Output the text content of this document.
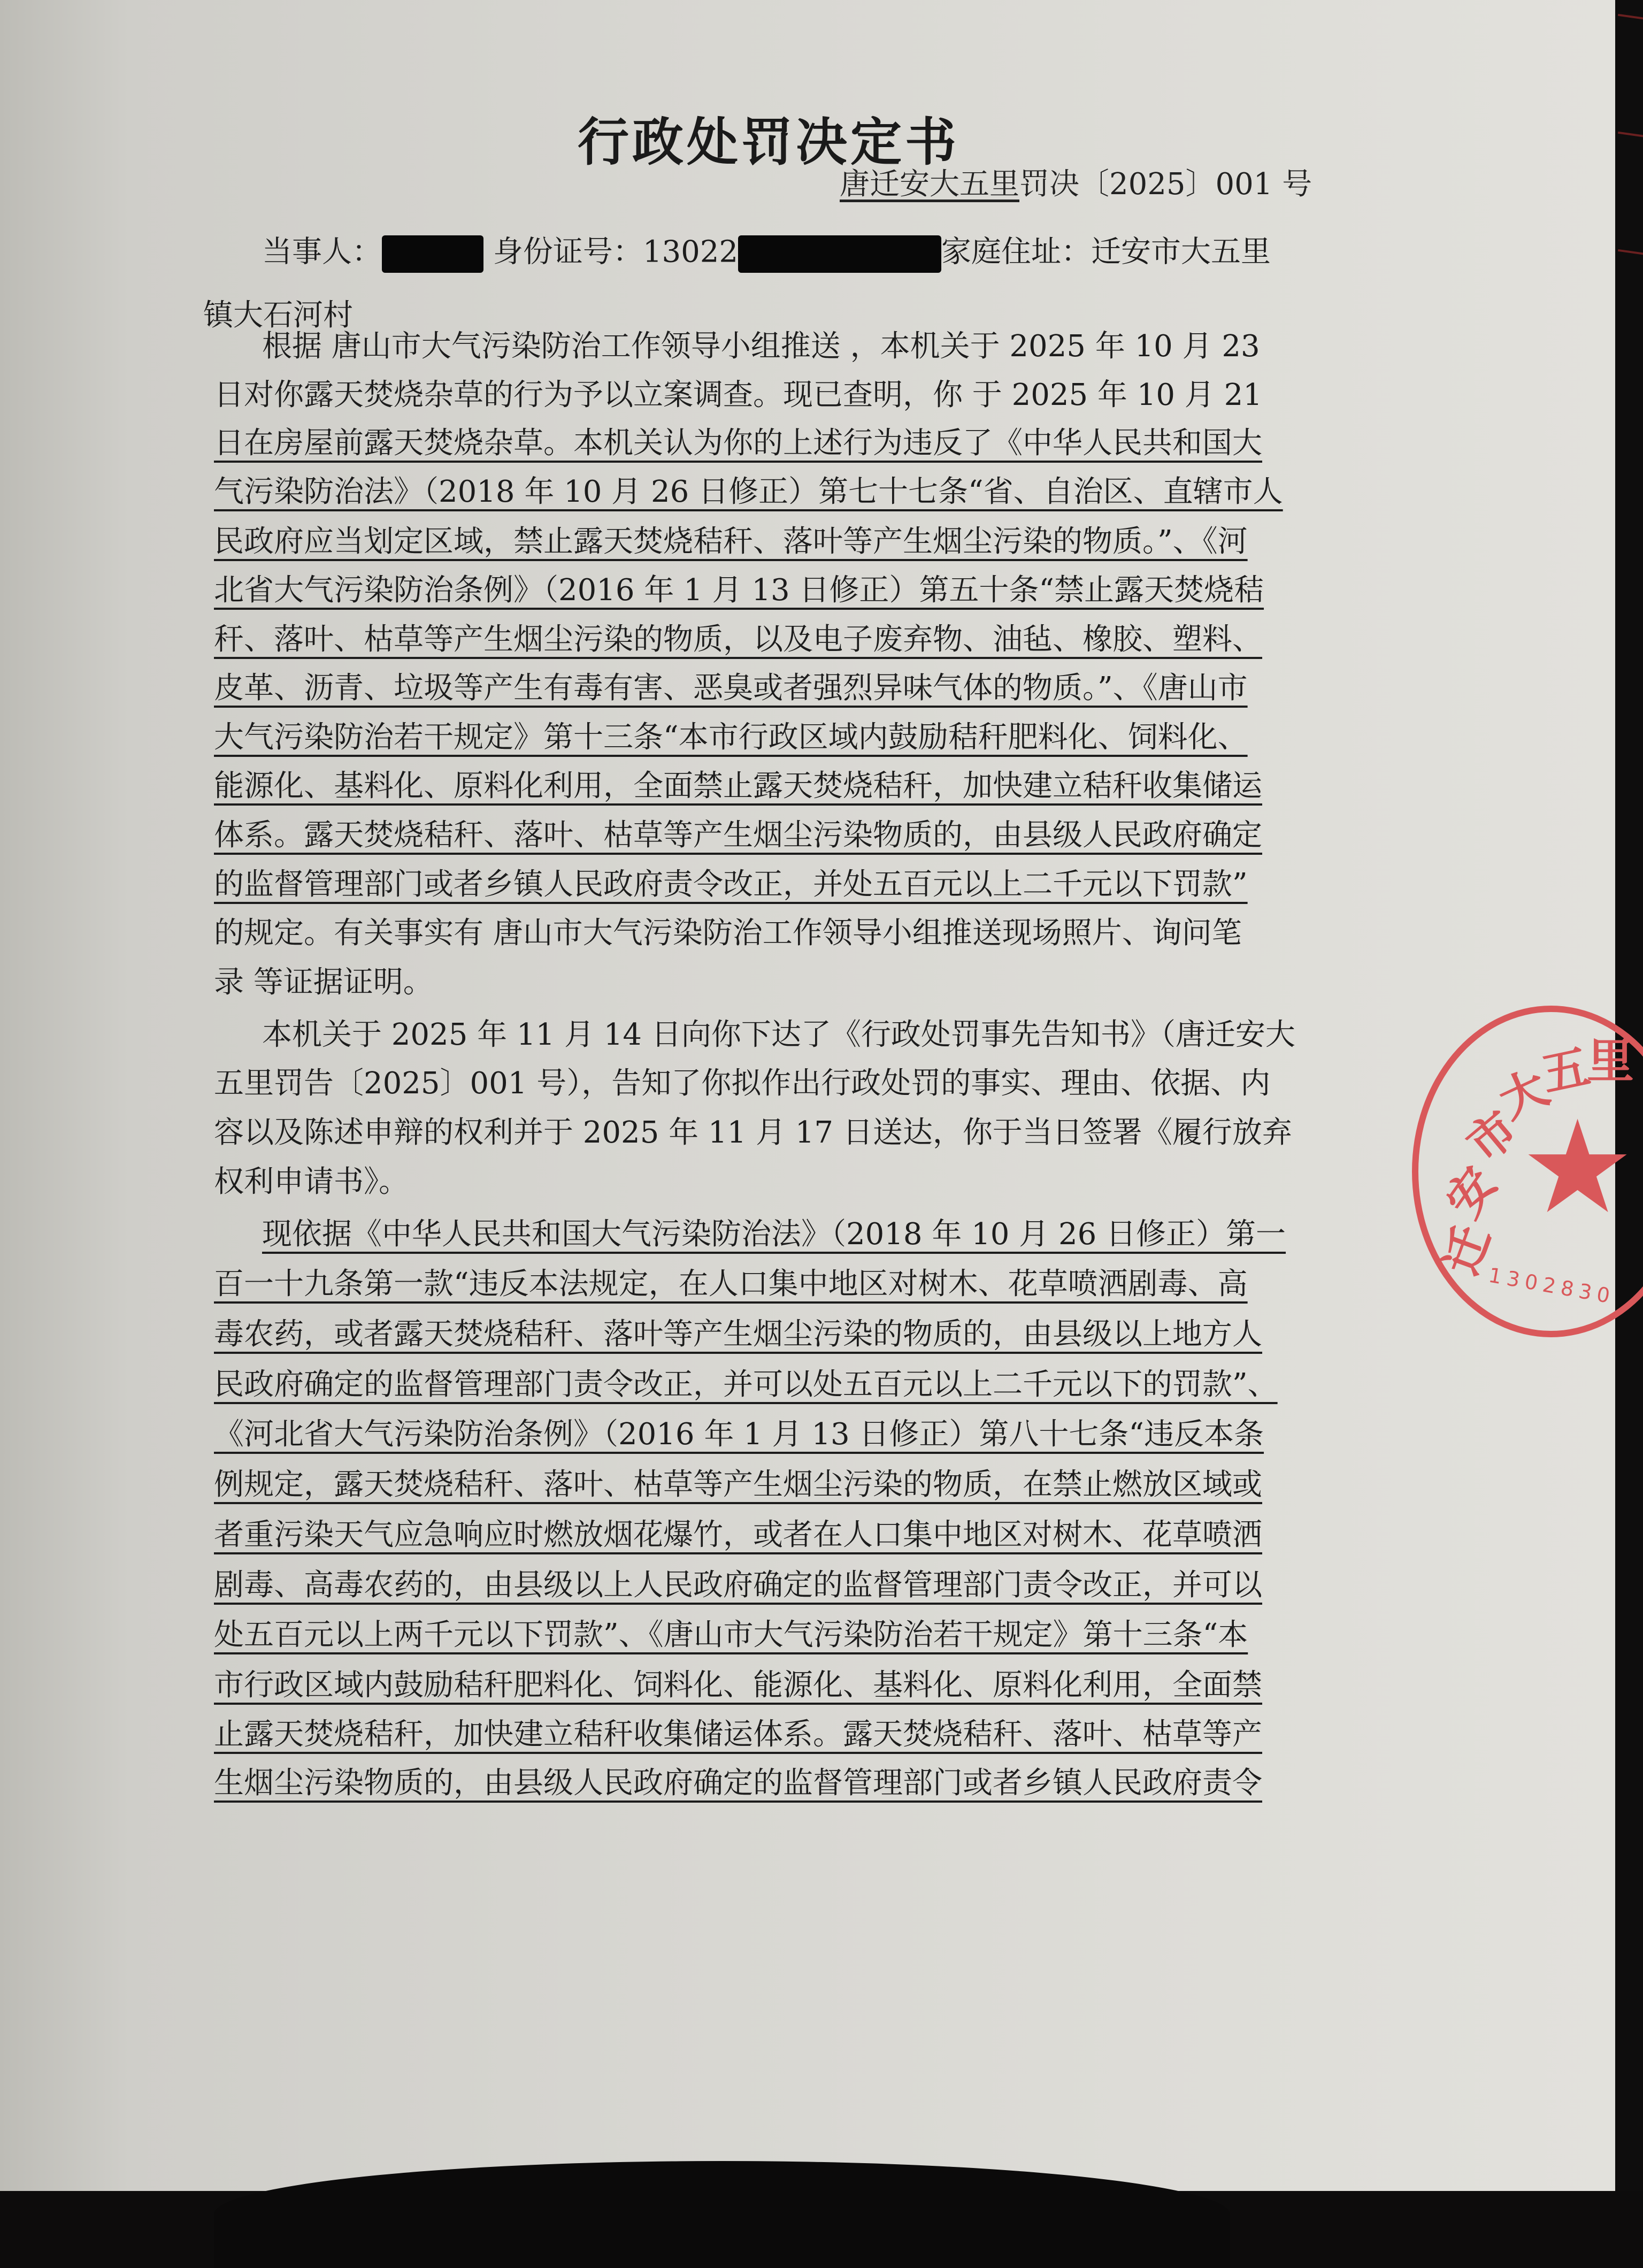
行政处罚决定书
唐迁安大五里罚决〔2025〕001 号
当事人：	身份证号：13022	家庭住址：迁安市大五里
镇大石河村
根据 唐山市大气污染防治工作领导小组推送 ，本机关于 2025 年 10 月 23
日对你露天焚烧杂草的行为予以立案调查。现已查明，你 于 2025 年 10 月 21
日在房屋前露天焚烧杂草。本机关认为你的上述行为违反了《中华人民共和国大
气污染防治法》（2018 年 10 月 26 日修正）第七十七条“省、自治区、直辖市人
民政府应当划定区域，禁止露天焚烧秸秆、落叶等产生烟尘污染的物质。”、《河
北省大气污染防治条例》（2016 年 1 月 13 日修正）第五十条“禁止露天焚烧秸
秆、落叶、枯草等产生烟尘污染的物质，以及电子废弃物、油毡、橡胶、塑料、
皮革、沥青、垃圾等产生有毒有害、恶臭或者强烈异味气体的物质。”、《唐山市
大气污染防治若干规定》第十三条“本市行政区域内鼓励秸秆肥料化、饲料化、
能源化、基料化、原料化利用，全面禁止露天焚烧秸秆，加快建立秸秆收集储运
体系。露天焚烧秸秆、落叶、枯草等产生烟尘污染物质的，由县级人民政府确定
的监督管理部门或者乡镇人民政府责令改正，并处五百元以上二千元以下罚款”
的规定。有关事实有 唐山市大气污染防治工作领导小组推送现场照片、询问笔
录 等证据证明。
本机关于 2025 年 11 月 14 日向你下达了《行政处罚事先告知书》（唐迁安大
五里罚告〔2025〕001 号），告知了你拟作出行政处罚的事实、理由、依据、内
容以及陈述申辩的权利并于 2025 年 11 月 17 日送达，你于当日签署《履行放弃
权利申请书》。
现依据《中华人民共和国大气污染防治法》（2018 年 10 月 26 日修正）第一
百一十九条第一款“违反本法规定，在人口集中地区对树木、花草喷洒剧毒、高
毒农药，或者露天焚烧秸秆、落叶等产生烟尘污染的物质的，由县级以上地方人
民政府确定的监督管理部门责令改正，并可以处五百元以上二千元以下的罚款”、
《河北省大气污染防治条例》（2016 年 1 月 13 日修正）第八十七条“违反本条
例规定，露天焚烧秸秆、落叶、枯草等产生烟尘污染的物质，在禁止燃放区域或
者重污染天气应急响应时燃放烟花爆竹，或者在人口集中地区对树木、花草喷洒
剧毒、高毒农药的，由县级以上人民政府确定的监督管理部门责令改正，并可以
处五百元以上两千元以下罚款”、《唐山市大气污染防治若干规定》第十三条“本
市行政区域内鼓励秸秆肥料化、饲料化、能源化、基料化、原料化利用，全面禁
止露天焚烧秸秆，加快建立秸秆收集储运体系。露天焚烧秸秆、落叶、枯草等产
生烟尘污染物质的，由县级人民政府确定的监督管理部门或者乡镇人民政府责令
迁
安
市
大
五
里
★
1302830
